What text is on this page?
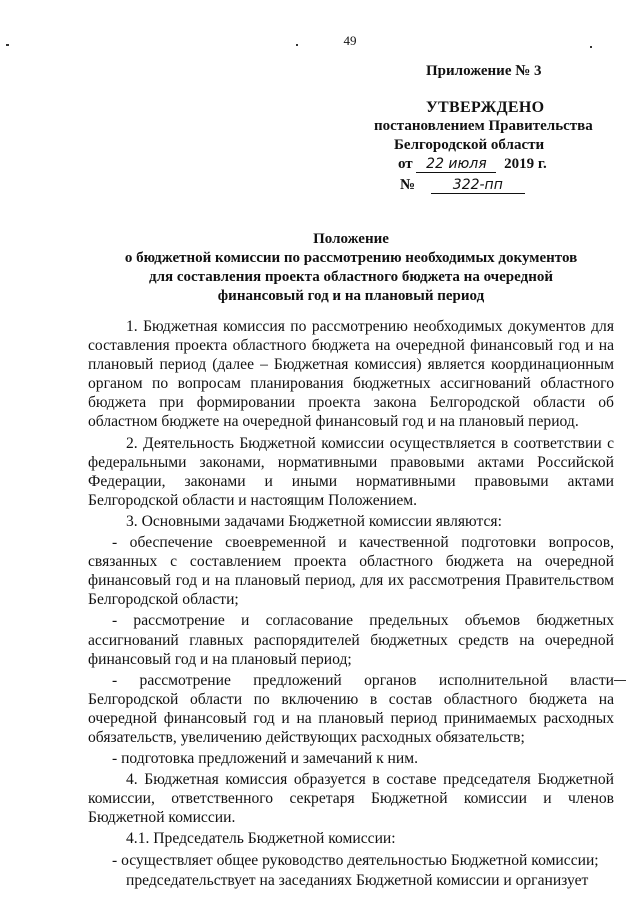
49
Приложение № 3
УТВЕРЖДЕНО
постановлением Правительства
Белгородской области
от 22 июля 2019 г.
№	322-пп
Положение
о бюджетной комиссии по рассмотрению необходимых документов
для составления проекта областного бюджета на очередной
финансовый год и на плановый период

1. Бюджетная комиссия по рассмотрению необходимых документов для составления проекта областного бюджета на очередной финансовый год и на плановый период (далее – Бюджетная комиссия) является координационным органом по вопросам планирования бюджетных ассигнований областного бюджета при формировании проекта закона Белгородской области об областном бюджете на очередной финансовый год и на плановый период.

2. Деятельность Бюджетной комиссии осуществляется в соответствии с федеральными законами, нормативными правовыми актами Российской Федерации, законами и иными нормативными правовыми актами Белгородской области и настоящим Положением.

3. Основными задачами Бюджетной комиссии являются:

- обеспечение своевременной и качественной подготовки вопросов, связанных с составлением проекта областного бюджета на очередной финансовый год и на плановый период, для их рассмотрения Правительством Белгородской области;

- рассмотрение и согласование предельных объемов бюджетных ассигнований главных распорядителей бюджетных средств на очередной финансовый год и на плановый период;

- рассмотрение предложений органов исполнительной власти Белгородской области по включению в состав областного бюджета на очередной финансовый год и на плановый период принимаемых расходных обязательств, увеличению действующих расходных обязательств;

- подготовка предложений и замечаний к ним.

4. Бюджетная комиссия образуется в составе председателя Бюджетной комиссии, ответственного секретаря Бюджетной комиссии и членов Бюджетной комиссии.

4.1. Председатель Бюджетной комиссии:

- осуществляет общее руководство деятельностью Бюджетной комиссии;

председательствует на заседаниях Бюджетной комиссии и организует
